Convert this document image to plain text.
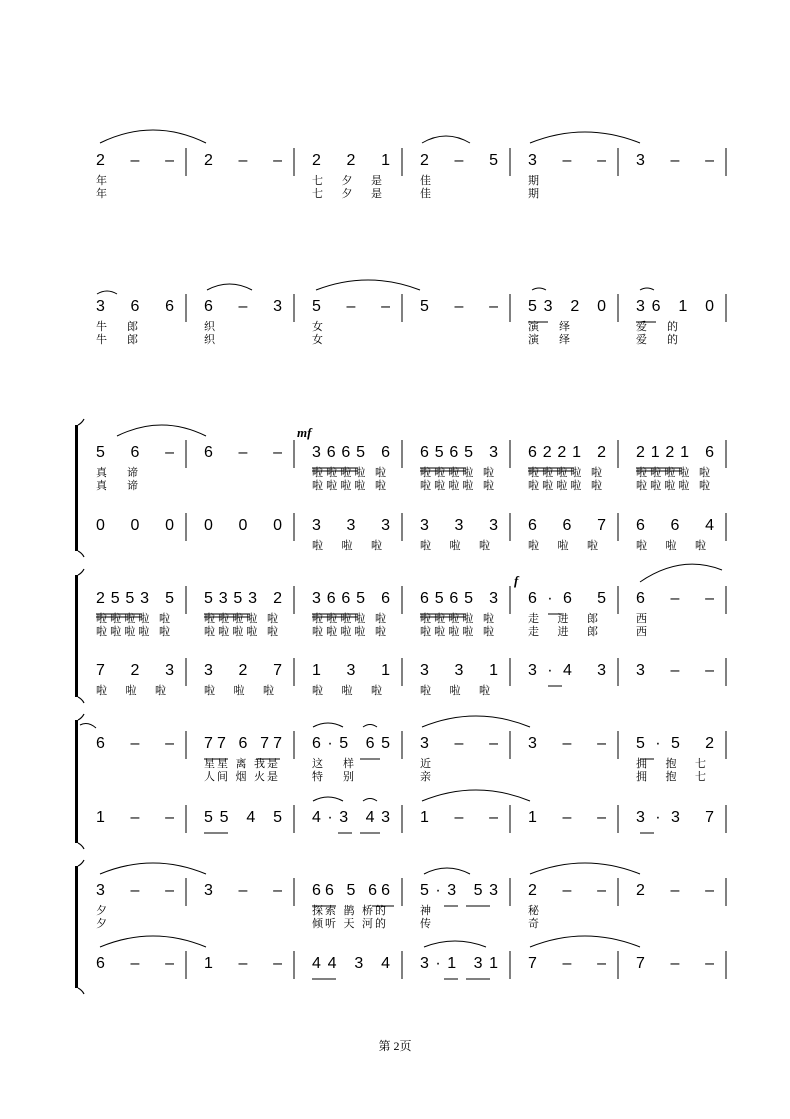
2 – – 2 – – 2 2 1 2 – 5 3 – – 3 – –
3 6 6 6 – 3 5 – – 5 – – 53 2 0 36 1 0
5 6 – 6 – – 3665 6 6565 3 6221 2 2121 6
0 0 0 0 0 0 3 3 3 3 3 3 6 6 7 6 6 4
2553 5 5353 2 3665 6 6565 3 6·6 5 6 – –
7 2 3 3 2 7 1 3 1 3 3 1 3·4 3 3 – –
6 – – 77 6 77 6·5 65 3 – – 3 – – 5·5 2
1 – – 55 4 5 4·3 43 1 – – 1 – – 3·3 7
3 – – 3 – – 66 5 66 5·3 53 2 – – 2 – –
6 – – 1 – – 44 3 4 3·1 31 7 – – 7 – –
年	七 夕 是	佳	期
年	七 夕 是	佳	期
牛 郎	织	女	演 绎	爱 的
牛 郎	织	女	演 绎	爱 的
真 谛	啦啦啦啦 啦	啦啦啦啦 啦	啦啦啦啦 啦	啦啦啦啦 啦
真 谛	啦啦啦啦 啦	啦啦啦啦 啦	啦啦啦啦 啦	啦啦啦啦 啦
啦 啦 啦	啦 啦 啦	啦 啦 啦	啦 啦 啦
啦啦啦啦 啦	啦啦啦啦 啦	啦啦啦啦 啦	啦啦啦啦 啦	走 进 郎	西
啦啦啦啦 啦	啦啦啦啦 啦	啦啦啦啦 啦	啦啦啦啦 啦	走 进 郎	西
啦 啦 啦	啦 啦 啦	啦 啦 啦	啦 啦 啦
星星 离 我是	这 样	近	拥 抱 七
人间 烟 火是	特 别	亲	拥 抱 七
夕	探索 鹊 桥的	神	秘
夕	倾听 天 河的	传	奇
mf
f
第 2页
